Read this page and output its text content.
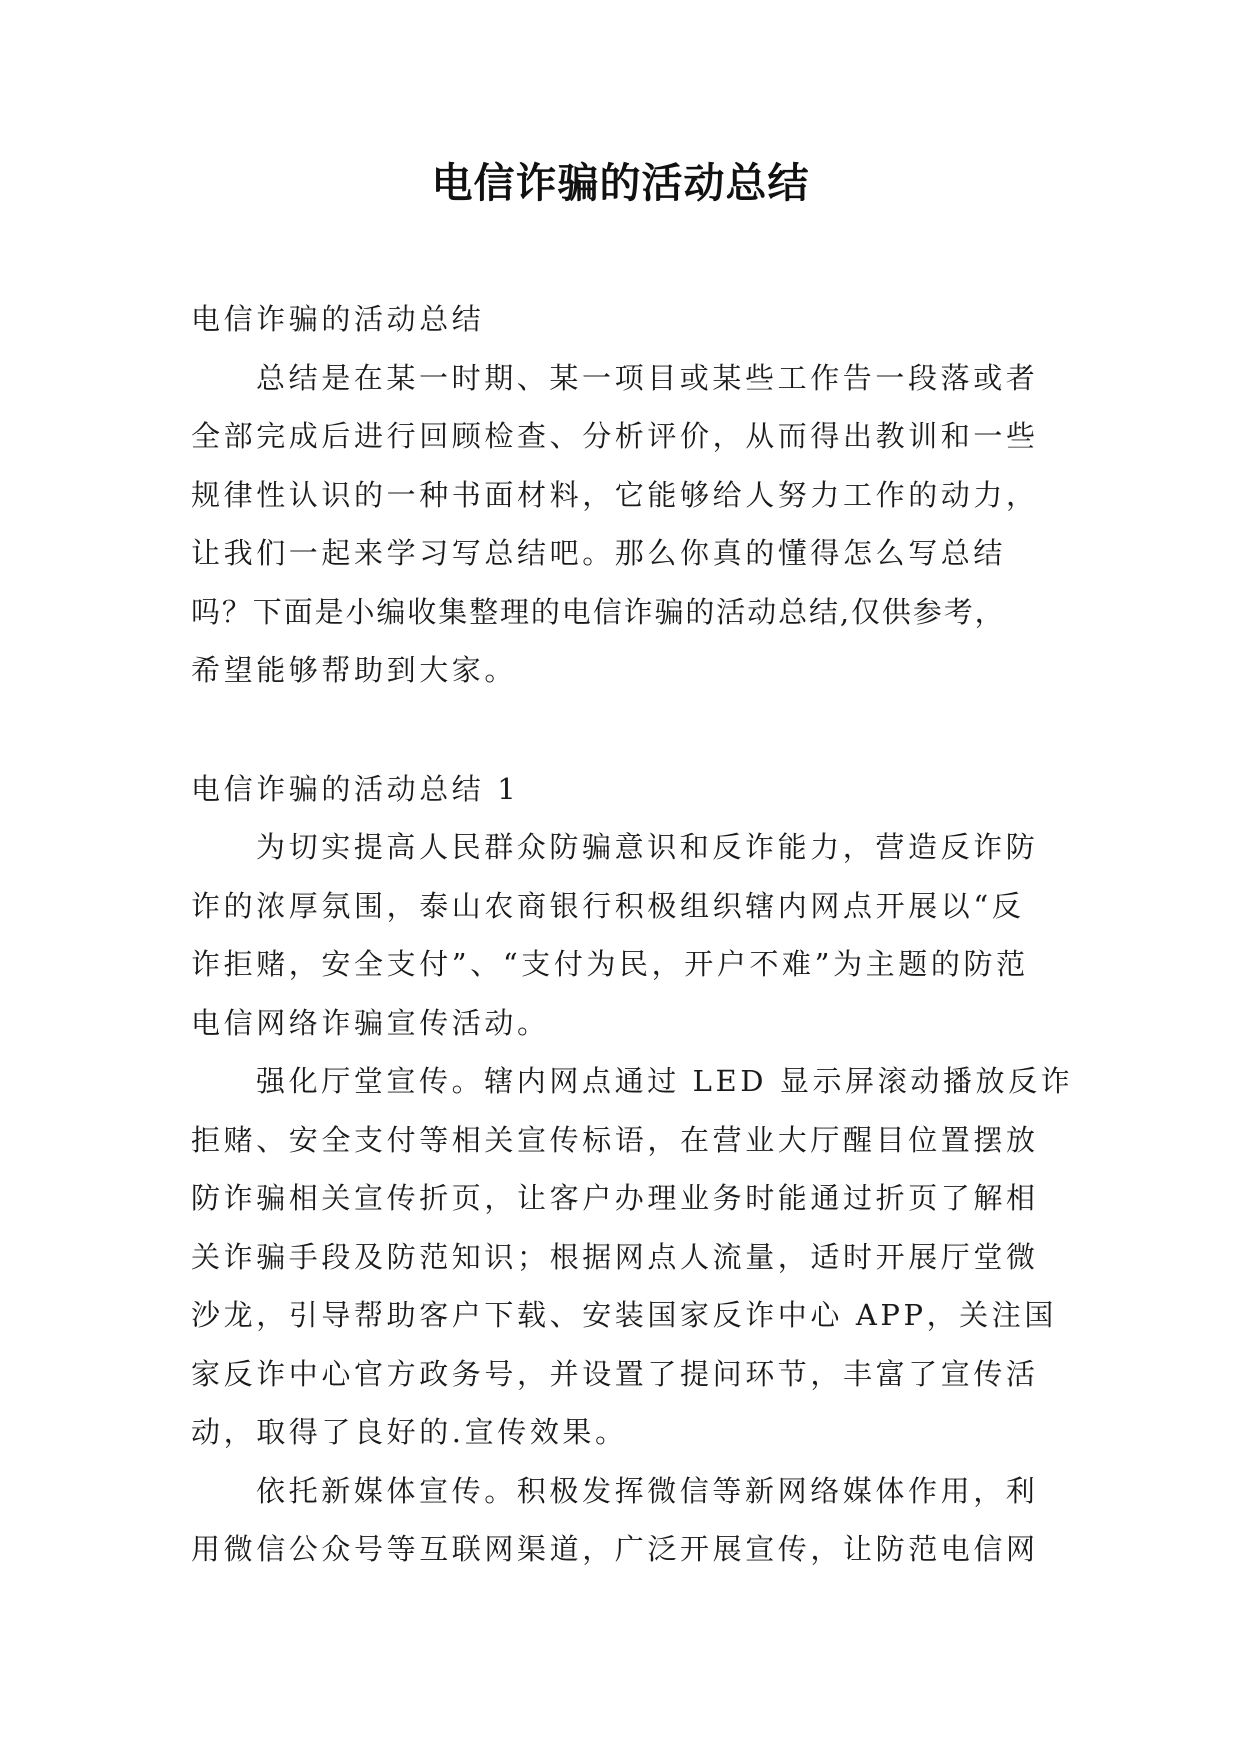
电信诈骗的活动总结
电信诈骗的活动总结
总结是在某一时期、某一项目或某些工作告一段落或者
全部完成后进行回顾检查、分析评价，从而得出教训和一些
规律性认识的一种书面材料，它能够给人努力工作的动力，
让我们一起来学习写总结吧。那么你真的懂得怎么写总结
吗？下面是小编收集整理的电信诈骗的活动总结,仅供参考，
希望能够帮助到大家。
电信诈骗的活动总结 1
为切实提高人民群众防骗意识和反诈能力，营造反诈防
诈的浓厚氛围，泰山农商银行积极组织辖内网点开展以“反
诈拒赌，安全支付”、“支付为民，开户不难”为主题的防范
电信网络诈骗宣传活动。
强化厅堂宣传。辖内网点通过 LED 显示屏滚动播放反诈
拒赌、安全支付等相关宣传标语，在营业大厅醒目位置摆放
防诈骗相关宣传折页，让客户办理业务时能通过折页了解相
关诈骗手段及防范知识；根据网点人流量，适时开展厅堂微
沙龙，引导帮助客户下载、安装国家反诈中心 APP，关注国
家反诈中心官方政务号，并设置了提问环节，丰富了宣传活
动，取得了良好的.宣传效果。
依托新媒体宣传。积极发挥微信等新网络媒体作用，利
用微信公众号等互联网渠道，广泛开展宣传，让防范电信网
